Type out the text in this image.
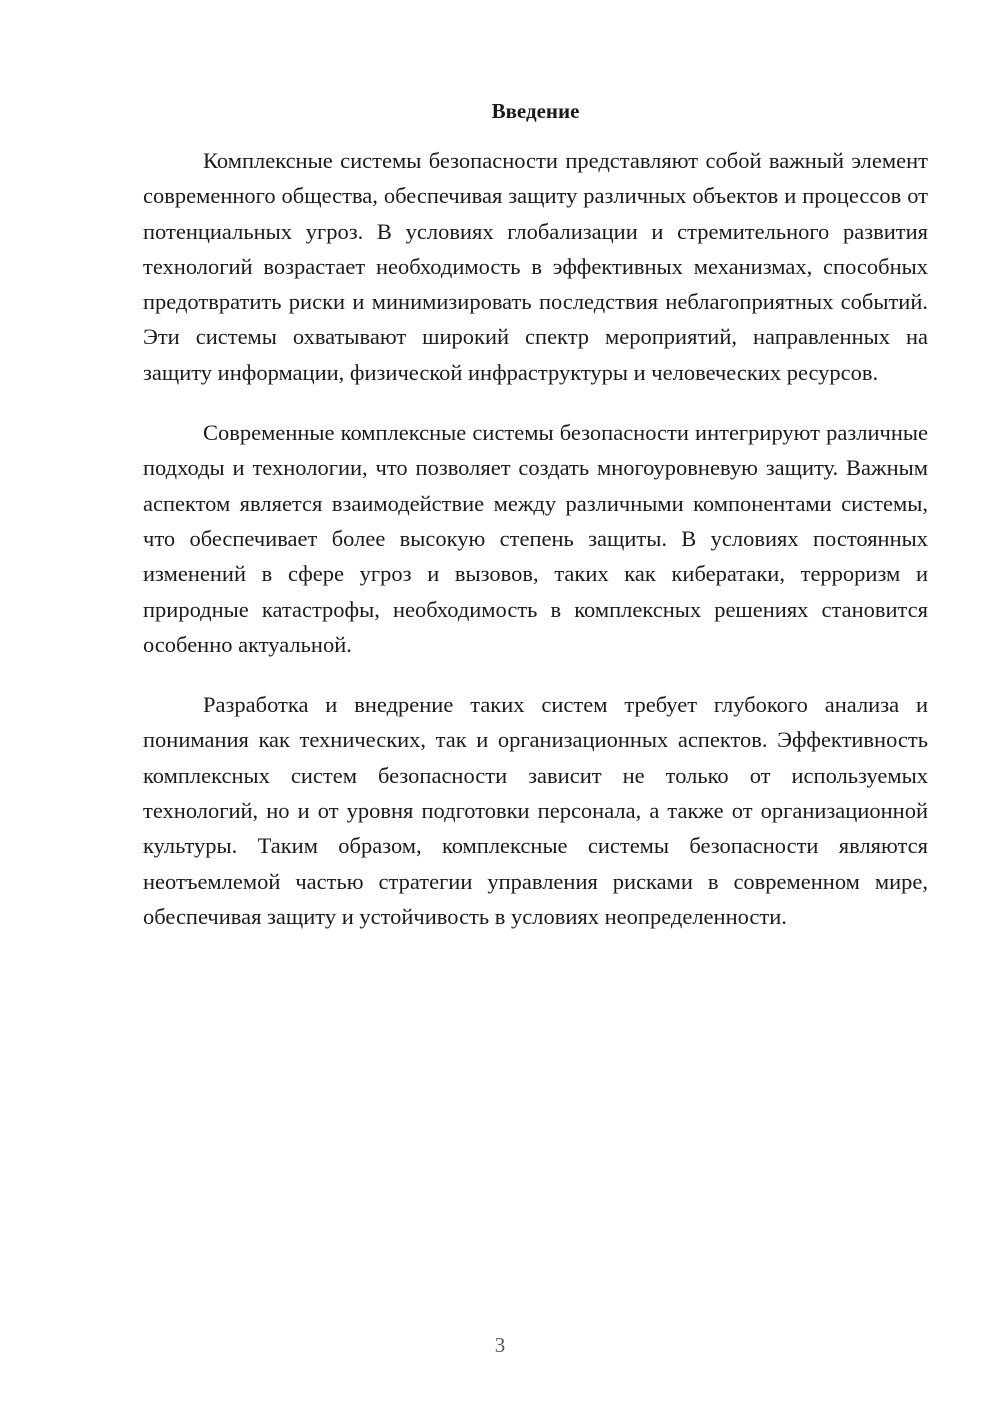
Введение

Комплексные системы безопасности представляют собой важный элемент современного общества, обеспечивая защиту различных объектов и процессов от потенциальных угроз. В условиях глобализации и стремительного развития технологий возрастает необходимость в эффективных механизмах, способных предотвратить риски и минимизировать последствия неблагоприятных событий. Эти системы охватывают широкий спектр мероприятий, направленных на защиту информации, физической инфраструктуры и человеческих ресурсов.

Современные комплексные системы безопасности интегрируют различные подходы и технологии, что позволяет создать многоуровневую защиту. Важным аспектом является взаимодействие между различными компонентами системы, что обеспечивает более высокую степень защиты. В условиях постоянных изменений в сфере угроз и вызовов, таких как кибератаки, терроризм и природные катастрофы, необходимость в комплексных решениях становится особенно актуальной.

Разработка и внедрение таких систем требует глубокого анализа и понимания как технических, так и организационных аспектов. Эффективность комплексных систем безопасности зависит не только от используемых технологий, но и от уровня подготовки персонала, а также от организационной культуры. Таким образом, комплексные системы безопасности являются неотъемлемой частью стратегии управления рисками в современном мире, обеспечивая защиту и устойчивость в условиях неопределенности.

3
